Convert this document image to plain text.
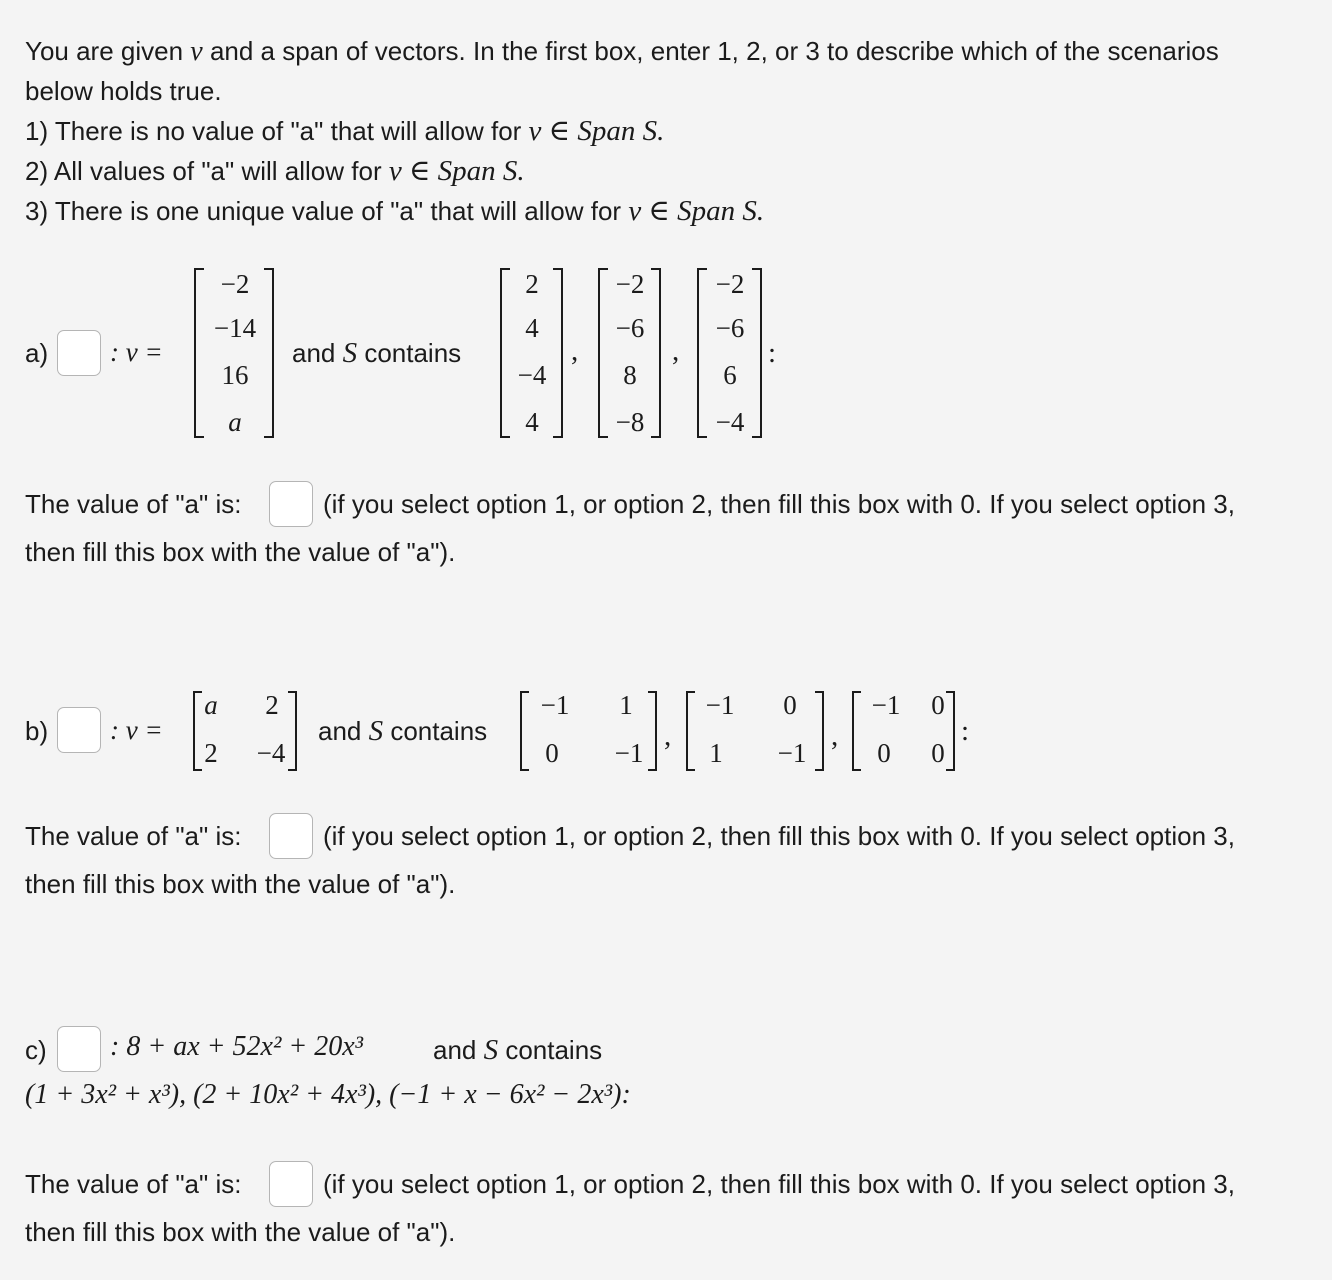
You are given v and a span of vectors. In the first box, enter 1, 2, or 3 to describe which of the scenarios
below holds true.
1) There is no value of "a" that will allow for v ∈ Span S.
2) All values of "a" will allow for v ∈ Span S.
3) There is one unique value of "a" that will allow for v ∈ Span S.
a) : v =
−2
−14
16
a
and S contains
2
4
−4
4
,
−2
−6
8
−8
,
−2
−6
6
−4
:
The value of "a" is:	(if you select option 1, or option 2, then fill this box with 0. If you select option 3,
then fill this box with the value of "a").
b) : v =
a	2
2	−4
and S contains
−1	1
0	−1
,
−1	0
1	−1
,
−1	0
0	0
:
The value of "a" is:	(if you select option 1, or option 2, then fill this box with 0. If you select option 3,
then fill this box with the value of "a").
c) : 8 + ax + 52x² + 20x³	and S contains
(1 + 3x² + x³), (2 + 10x² + 4x³), (−1 + x − 6x² − 2x³):
The value of "a" is:	(if you select option 1, or option 2, then fill this box with 0. If you select option 3,
then fill this box with the value of "a").
